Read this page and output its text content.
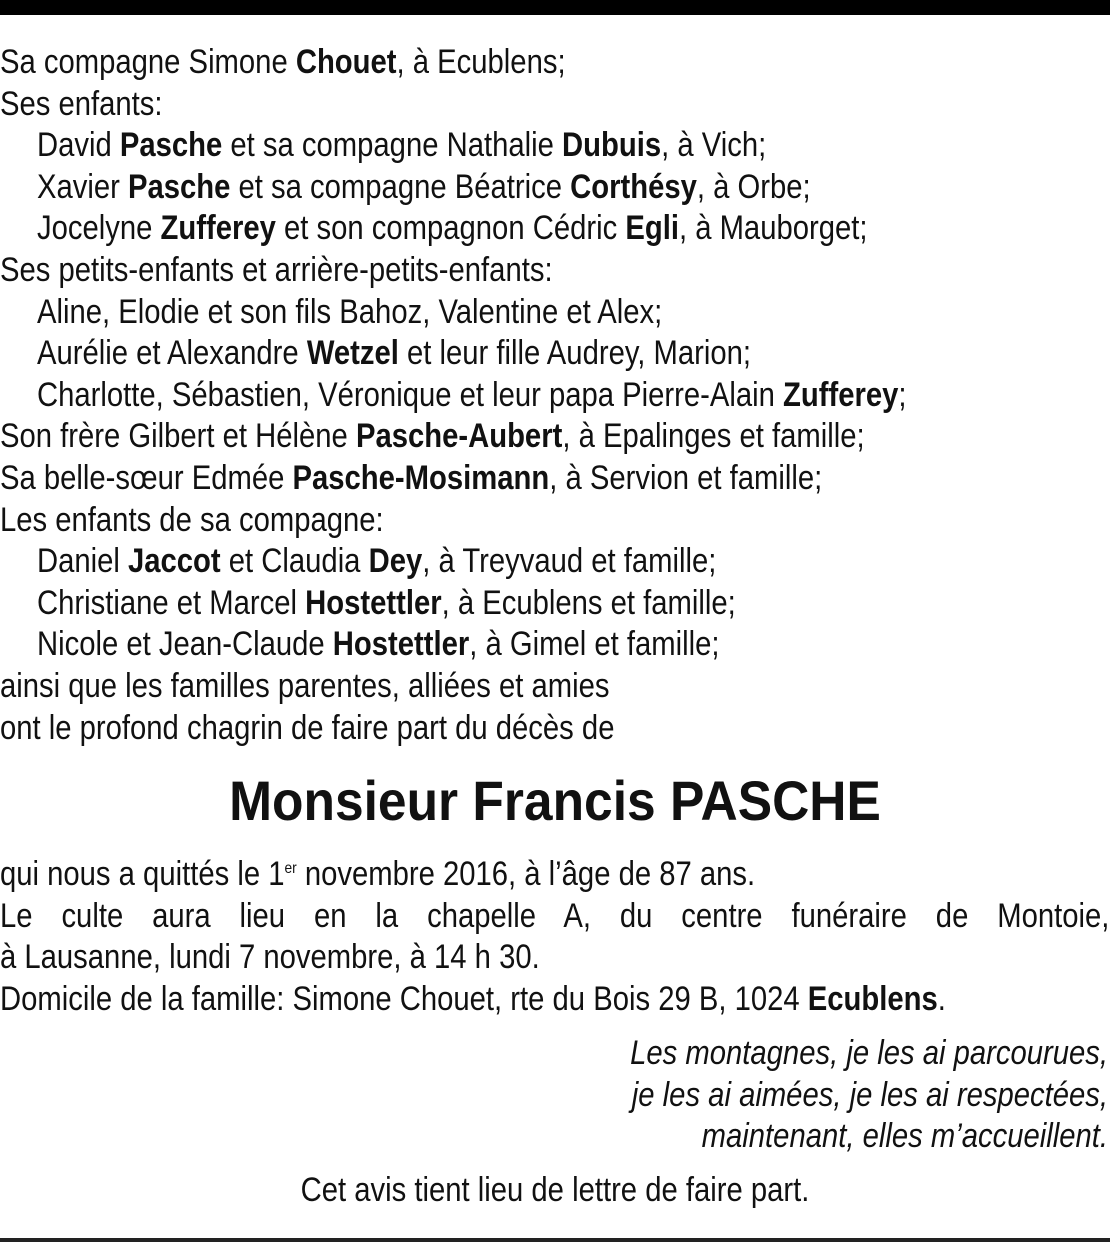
Sa compagne Simone Chouet, à Ecublens;
Ses enfants:
David Pasche et sa compagne Nathalie Dubuis, à Vich;
Xavier Pasche et sa compagne Béatrice Corthésy, à Orbe;
Jocelyne Zufferey et son compagnon Cédric Egli, à Mauborget;
Ses petits-enfants et arrière-petits-enfants:
Aline, Elodie et son fils Bahoz, Valentine et Alex;
Aurélie et Alexandre Wetzel et leur fille Audrey, Marion;
Charlotte, Sébastien, Véronique et leur papa Pierre-Alain Zufferey;
Son frère Gilbert et Hélène Pasche-Aubert, à Epalinges et famille;
Sa belle-sœur Edmée Pasche-Mosimann, à Servion et famille;
Les enfants de sa compagne:
Daniel Jaccot et Claudia Dey, à Treyvaud et famille;
Christiane et Marcel Hostettler, à Ecublens et famille;
Nicole et Jean-Claude Hostettler, à Gimel et famille;
ainsi que les familles parentes, alliées et amies
ont le profond chagrin de faire part du décès de
Monsieur Francis PASCHE
qui nous a quittés le 1er novembre 2016, à l’âge de 87 ans.
Le culte aura lieu en la chapelle A, du centre funéraire de Montoie,
à Lausanne, lundi 7 novembre, à 14 h 30.
Domicile de la famille: Simone Chouet, rte du Bois 29 B, 1024 Ecublens.
Les montagnes, je les ai parcourues,
je les ai aimées, je les ai respectées,
maintenant, elles m’accueillent.
Cet avis tient lieu de lettre de faire part.
